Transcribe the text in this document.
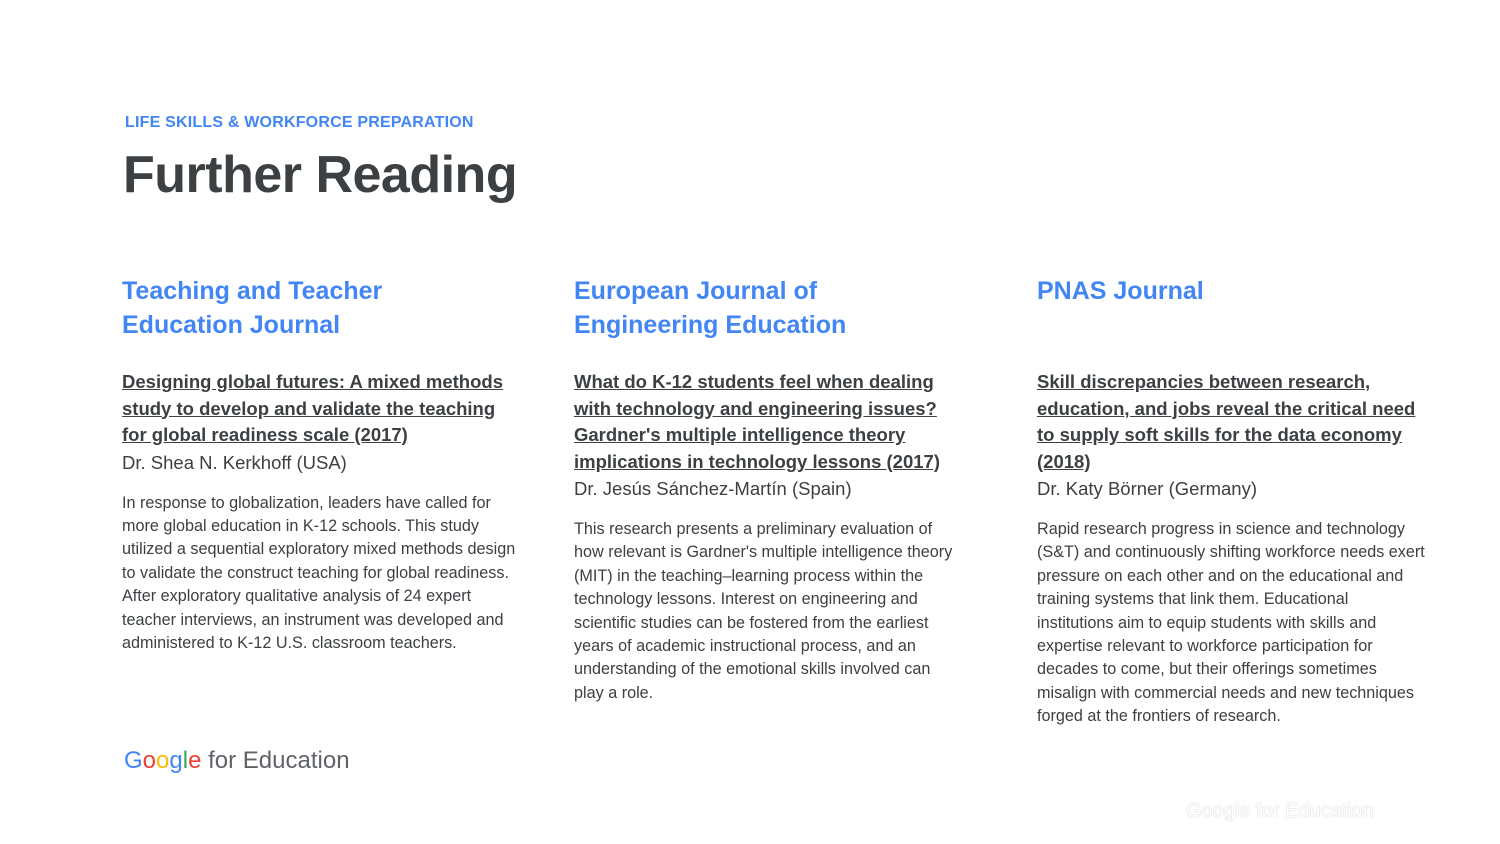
LIFE SKILLS & WORKFORCE PREPARATION
Further Reading
Teaching and Teacher
Education Journal
Designing global futures: A mixed methods study to develop and validate the teaching for global readiness scale (2017)
Dr. Shea N. Kerkhoff (USA)
In response to globalization, leaders have called for more global education in K-12 schools. This study utilized a sequential exploratory mixed methods design to validate the construct teaching for global readiness. After exploratory qualitative analysis of 24 expert teacher interviews, an instrument was developed and administered to K-12 U.S. classroom teachers.
European Journal of
Engineering Education
What do K-12 students feel when dealing with technology and engineering issues? Gardner's multiple intelligence theory implications in technology lessons (2017)
Dr. Jesús Sánchez-Martín (Spain)
This research presents a preliminary evaluation of how relevant is Gardner's multiple intelligence theory (MIT) in the teaching–learning process within the technology lessons. Interest on engineering and scientific studies can be fostered from the earliest years of academic instructional process, and an understanding of the emotional skills involved can play a role.
PNAS Journal

Skill discrepancies between research, education, and jobs reveal the critical need to supply soft skills for the data economy (2018)
Dr. Katy Börner (Germany)
Rapid research progress in science and technology (S&T) and continuously shifting workforce needs exert pressure on each other and on the educational and training systems that link them. Educational institutions aim to equip students with skills and expertise relevant to workforce participation for decades to come, but their offerings sometimes misalign with commercial needs and new techniques forged at the frontiers of research.
Google for Education
Google for Education
